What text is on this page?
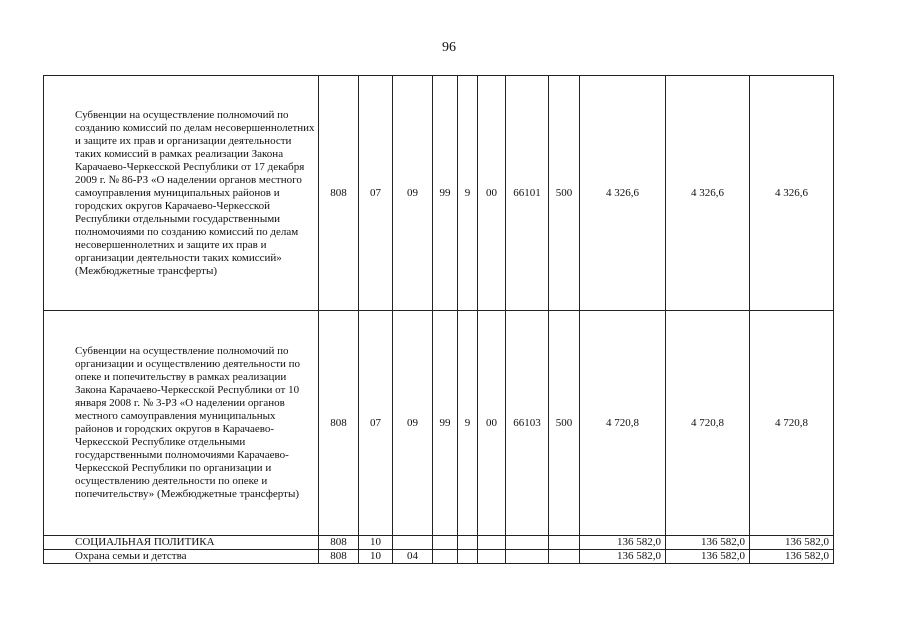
96
Субвенции на осуществление полномочий по созданию комиссий по делам несовершеннолетних и защите их прав и организации деятельности таких комиссий в рамках реализации Закона Карачаево-Черкесской Республики от 17 декабря 2009 г. № 86-РЗ «О наделении органов местного самоуправления муниципальных районов и городских округов Карачаево-Черкесской Республики отдельными государственными полномочиями по созданию комиссий по делам несовершеннолетних и защите их прав и организации деятельности таких комиссий» (Межбюджетные трансферты)	808	07	09	99	9	00	66101	500	4 326,6	4 326,6	4 326,6
Субвенции на осуществление полномочий по организации и осуществлению деятельности по опеке и попечительству в рамках реализации Закона Карачаево-Черкесской Республики от 10 января 2008 г. № 3-РЗ «О наделении органов местного самоуправления муниципальных районов и городских округов в Карачаево-Черкесской Республике отдельными государственными полномочиями Карачаево-Черкесской Республики по организации и осуществлению деятельности по опеке и попечительству» (Межбюджетные трансферты)	808	07	09	99	9	00	66103	500	4 720,8	4 720,8	4 720,8
СОЦИАЛЬНАЯ ПОЛИТИКА	808	10							136 582,0	136 582,0	136 582,0
Охрана семьи и детства	808	10	04						136 582,0	136 582,0	136 582,0
